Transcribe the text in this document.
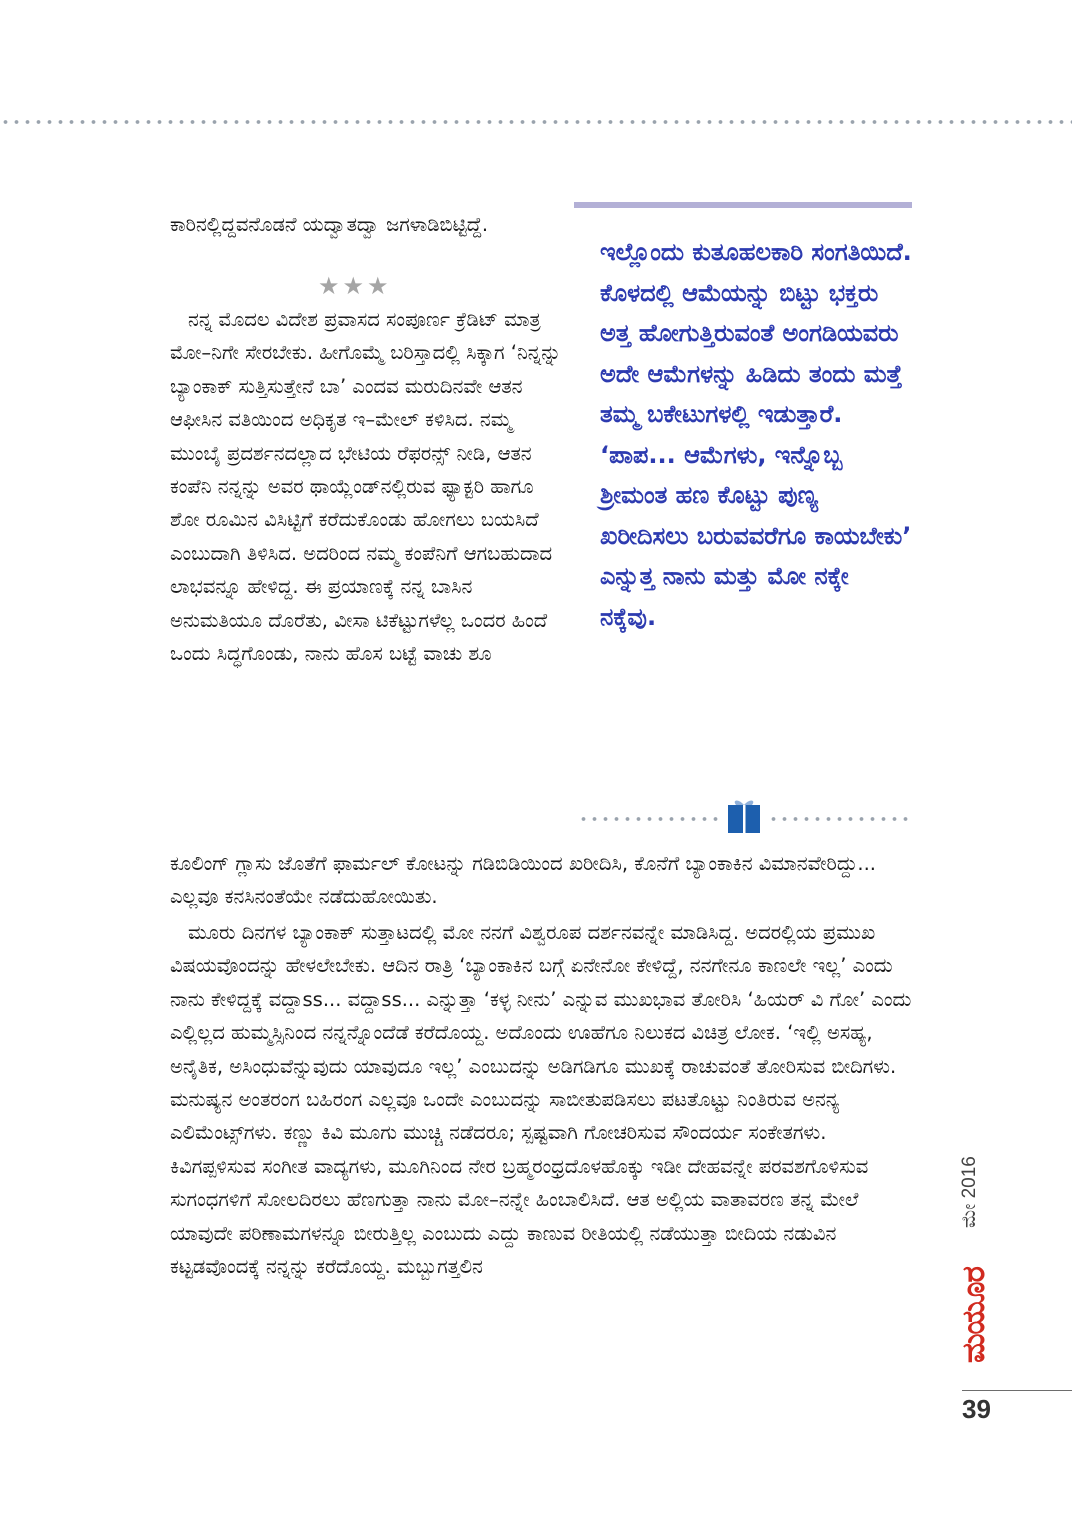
ಕಾರಿನಲ್ಲಿದ್ದವನೊಡನೆ ಯದ್ವಾತದ್ವಾ ಜಗಳಾಡಿಬಿಟ್ಟಿದ್ದೆ.

★★★

ನನ್ನ ಮೊದಲ ವಿದೇಶ ಪ್ರವಾಸದ ಸಂಪೂರ್ಣ ಕ್ರೆಡಿಟ್ ಮಾತ್ರ ಮೋ–ನಿಗೇ ಸೇರಬೇಕು. ಹೀಗೊಮ್ಮೆ ಬರಿಸ್ತಾದಲ್ಲಿ ಸಿಕ್ಕಾಗ ‘ನಿನ್ನನ್ನು ಬ್ಯಾಂಕಾಕ್ ಸುತ್ತಿಸುತ್ತೇನೆ ಬಾ’ ಎಂದವ ಮರುದಿನವೇ ಆತನ ಆಫೀಸಿನ ವತಿಯಿಂದ ಅಧಿಕೃತ ಇ–ಮೇಲ್ ಕಳಿಸಿದ. ನಮ್ಮ ಮುಂಬೈ ಪ್ರದರ್ಶನದಲ್ಲಾದ ಭೇಟಿಯ ರೆಫರನ್ಸ್ ನೀಡಿ, ಆತನ ಕಂಪೆನಿ ನನ್ನನ್ನು ಅವರ ಥಾಯ್ಲೆಂಡ್‌ನಲ್ಲಿರುವ ಫ್ಯಾಕ್ಟರಿ ಹಾಗೂ ಶೋ ರೂಮಿನ ವಿಸಿಟ್ಟಿಗೆ ಕರೆದುಕೊಂಡು ಹೋಗಲು ಬಯಸಿದೆ ಎಂಬುದಾಗಿ ತಿಳಿಸಿದ. ಅದರಿಂದ ನಮ್ಮ ಕಂಪೆನಿಗೆ ಆಗಬಹುದಾದ ಲಾಭವನ್ನೂ ಹೇಳಿದ್ದ. ಈ ಪ್ರಯಾಣಕ್ಕೆ ನನ್ನ ಬಾಸಿನ ಅನುಮತಿಯೂ ದೊರೆತು, ವೀಸಾ ಟಿಕೆಟ್ಟುಗಳೆಲ್ಲ ಒಂದರ ಹಿಂದೆ ಒಂದು ಸಿದ್ಧಗೊಂಡು, ನಾನು ಹೊಸ ಬಟ್ಟೆ ವಾಚು ಶೂ

ಕೂಲಿಂಗ್ ಗ್ಲಾಸು ಜೊತೆಗೆ ಫಾರ್ಮಲ್ ಕೋಟನ್ನು ಗಡಿಬಿಡಿಯಿಂದ ಖರೀದಿಸಿ, ಕೊನೆಗೆ ಬ್ಯಾಂಕಾಕಿನ ವಿಮಾನವೇರಿದ್ದು... ಎಲ್ಲವೂ ಕನಸಿನಂತೆಯೇ ನಡೆದುಹೋಯಿತು.

ಮೂರು ದಿನಗಳ ಬ್ಯಾಂಕಾಕ್ ಸುತ್ತಾಟದಲ್ಲಿ ಮೋ ನನಗೆ ವಿಶ್ವರೂಪ ದರ್ಶನವನ್ನೇ ಮಾಡಿಸಿದ್ದ. ಅದರಲ್ಲಿಯ ಪ್ರಮುಖ ವಿಷಯವೊಂದನ್ನು ಹೇಳಲೇಬೇಕು. ಆದಿನ ರಾತ್ರಿ ‘ಬ್ಯಾಂಕಾಕಿನ ಬಗ್ಗೆ ಏನೇನೋ ಕೇಳಿದ್ದೆ, ನನಗೇನೂ ಕಾಣಲೇ ಇಲ್ಲ’ ಎಂದು ನಾನು ಕೇಳಿದ್ದಕ್ಕೆ ವದ್ದಾss... ವದ್ದಾss... ಎನ್ನುತ್ತಾ ‘ಕಳ್ಳ ನೀನು’ ಎನ್ನುವ ಮುಖಭಾವ ತೋರಿಸಿ ‘ಹಿಯರ್ ವಿ ಗೋ’ ಎಂದು ಎಲ್ಲಿಲ್ಲದ ಹುಮ್ಮಸ್ಸಿನಿಂದ ನನ್ನನ್ನೊಂದೆಡೆ ಕರೆದೊಯ್ದ. ಅದೊಂದು ಊಹೆಗೂ ನಿಲುಕದ ವಿಚಿತ್ರ ಲೋಕ. ‘ಇಲ್ಲಿ ಅಸಹ್ಯ, ಅನೈತಿಕ, ಅಸಿಂಧುವೆನ್ನುವುದು ಯಾವುದೂ ಇಲ್ಲ’ ಎಂಬುದನ್ನು ಅಡಿಗಡಿಗೂ ಮುಖಕ್ಕೆ ರಾಚುವಂತೆ ತೋರಿಸುವ ಬೀದಿಗಳು. ಮನುಷ್ಯನ ಅಂತರಂಗ ಬಹಿರಂಗ ಎಲ್ಲವೂ ಒಂದೇ ಎಂಬುದನ್ನು ಸಾಬೀತುಪಡಿಸಲು ಪಟತೊಟ್ಟು ನಿಂತಿರುವ ಅನನ್ಯ ಎಲಿಮೆಂಟ್ಸ್‌ಗಳು. ಕಣ್ಣು ಕಿವಿ ಮೂಗು ಮುಚ್ಚಿ ನಡೆದರೂ; ಸ್ಪಷ್ಟವಾಗಿ ಗೋಚರಿಸುವ ಸೌಂದರ್ಯ ಸಂಕೇತಗಳು. ಕಿವಿಗಪ್ಪಳಿಸುವ ಸಂಗೀತ ವಾದ್ಯಗಳು, ಮೂಗಿನಿಂದ ನೇರ ಬ್ರಹ್ಮರಂಧ್ರದೊಳಹೊಕ್ಕು ಇಡೀ ದೇಹವನ್ನೇ ಪರವಶಗೊಳಿಸುವ ಸುಗಂಧಗಳಿಗೆ ಸೋಲದಿರಲು ಹೆಣಗುತ್ತಾ ನಾನು ಮೋ–ನನ್ನೇ ಹಿಂಬಾಲಿಸಿದೆ. ಆತ ಅಲ್ಲಿಯ ವಾತಾವರಣ ತನ್ನ ಮೇಲೆ ಯಾವುದೇ ಪರಿಣಾಮಗಳನ್ನೂ ಬೀರುತ್ತಿಲ್ಲ ಎಂಬುದು ಎದ್ದು ಕಾಣುವ ರೀತಿಯಲ್ಲಿ ನಡೆಯುತ್ತಾ ಬೀದಿಯ ನಡುವಿನ ಕಟ್ಟಡವೊಂದಕ್ಕೆ ನನ್ನನ್ನು ಕರೆದೊಯ್ದ. ಮಬ್ಬುಗತ್ತಲಿನ

ಇಲ್ಲೊಂದು ಕುತೂಹಲಕಾರಿ ಸಂಗತಿಯಿದೆ. ಕೊಳದಲ್ಲಿ ಆಮೆಯನ್ನು ಬಿಟ್ಟು ಭಕ್ತರು ಅತ್ತ ಹೋಗುತ್ತಿರುವಂತೆ ಅಂಗಡಿಯವರು ಅದೇ ಆಮೆಗಳನ್ನು ಹಿಡಿದು ತಂದು ಮತ್ತೆ ತಮ್ಮ ಬಕೇಟುಗಳಲ್ಲಿ ಇಡುತ್ತಾರೆ. ‘ಪಾಪ... ಆಮೆಗಳು, ಇನ್ನೊಬ್ಬ ಶ್ರೀಮಂತ ಹಣ ಕೊಟ್ಟು ಪುಣ್ಯ ಖರೀದಿಸಲು ಬರುವವರೆಗೂ ಕಾಯಬೇಕು’ ಎನ್ನುತ್ತ ನಾನು ಮತ್ತು ಮೋ ನಕ್ಕೇ ನಕ್ಕೆವು.

ಮೇ 2016
ಮಯೂರ
39
